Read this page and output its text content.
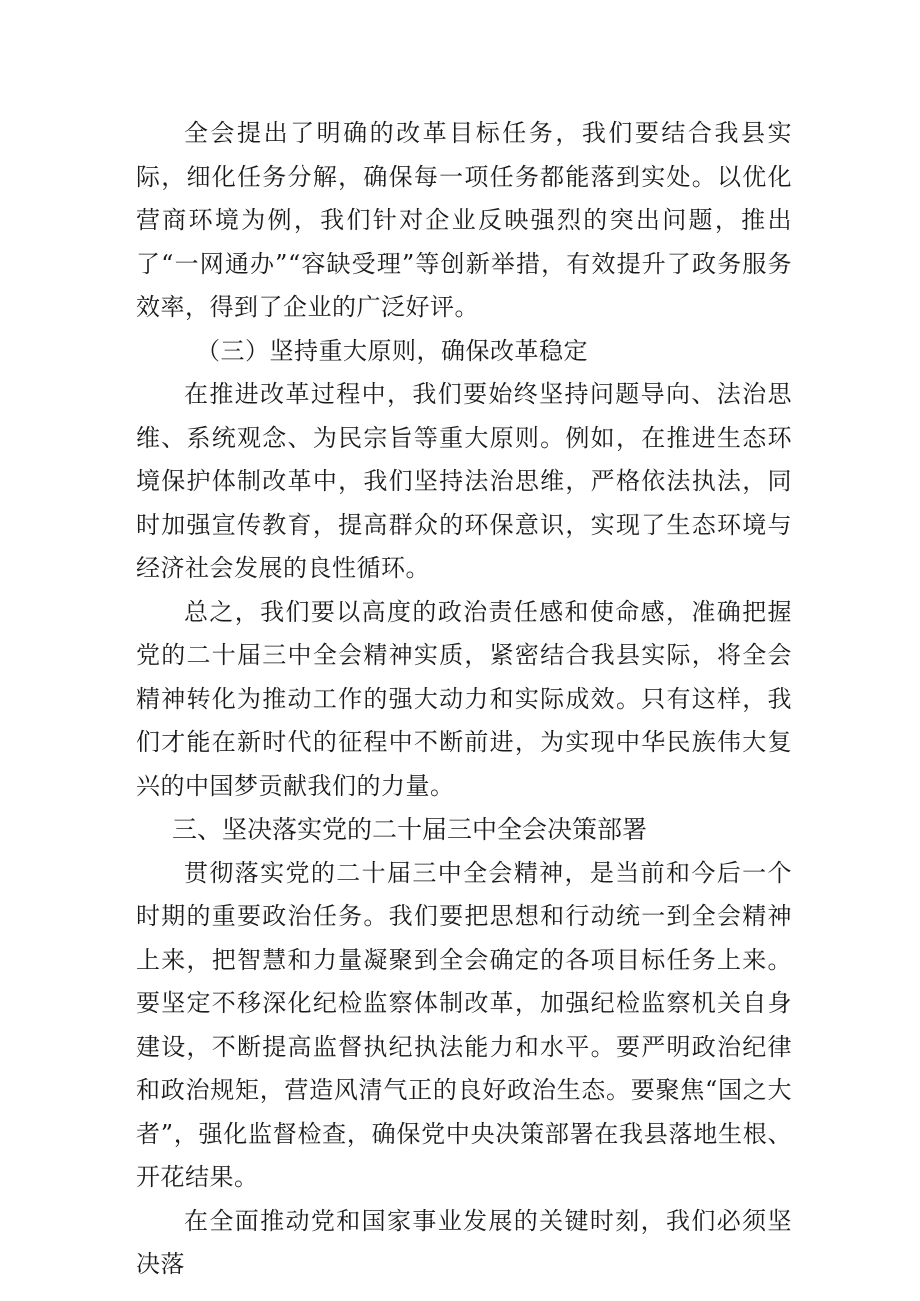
全会提出了明确的改革目标任务，我们要结合我县实际，细化任务分解，确保每一项任务都能落到实处。以优化营商环境为例，我们针对企业反映强烈的突出问题，推出了“一网通办”“容缺受理”等创新举措，有效提升了政务服务效率，得到了企业的广泛好评。

（三）坚持重大原则，确保改革稳定

在推进改革过程中，我们要始终坚持问题导向、法治思维、系统观念、为民宗旨等重大原则。例如，在推进生态环境保护体制改革中，我们坚持法治思维，严格依法执法，同时加强宣传教育，提高群众的环保意识，实现了生态环境与经济社会发展的良性循环。

总之，我们要以高度的政治责任感和使命感，准确把握党的二十届三中全会精神实质，紧密结合我县实际，将全会精神转化为推动工作的强大动力和实际成效。只有这样，我们才能在新时代的征程中不断前进，为实现中华民族伟大复兴的中国梦贡献我们的力量。

三、坚决落实党的二十届三中全会决策部署

贯彻落实党的二十届三中全会精神，是当前和今后一个时期的重要政治任务。我们要把思想和行动统一到全会精神上来，把智慧和力量凝聚到全会确定的各项目标任务上来。要坚定不移深化纪检监察体制改革，加强纪检监察机关自身建设，不断提高监督执纪执法能力和水平。要严明政治纪律和政治规矩，营造风清气正的良好政治生态。要聚焦“国之大者”，强化监督检查，确保党中央决策部署在我县落地生根、开花结果。

在全面推动党和国家事业发展的关键时刻，我们必须坚决落
